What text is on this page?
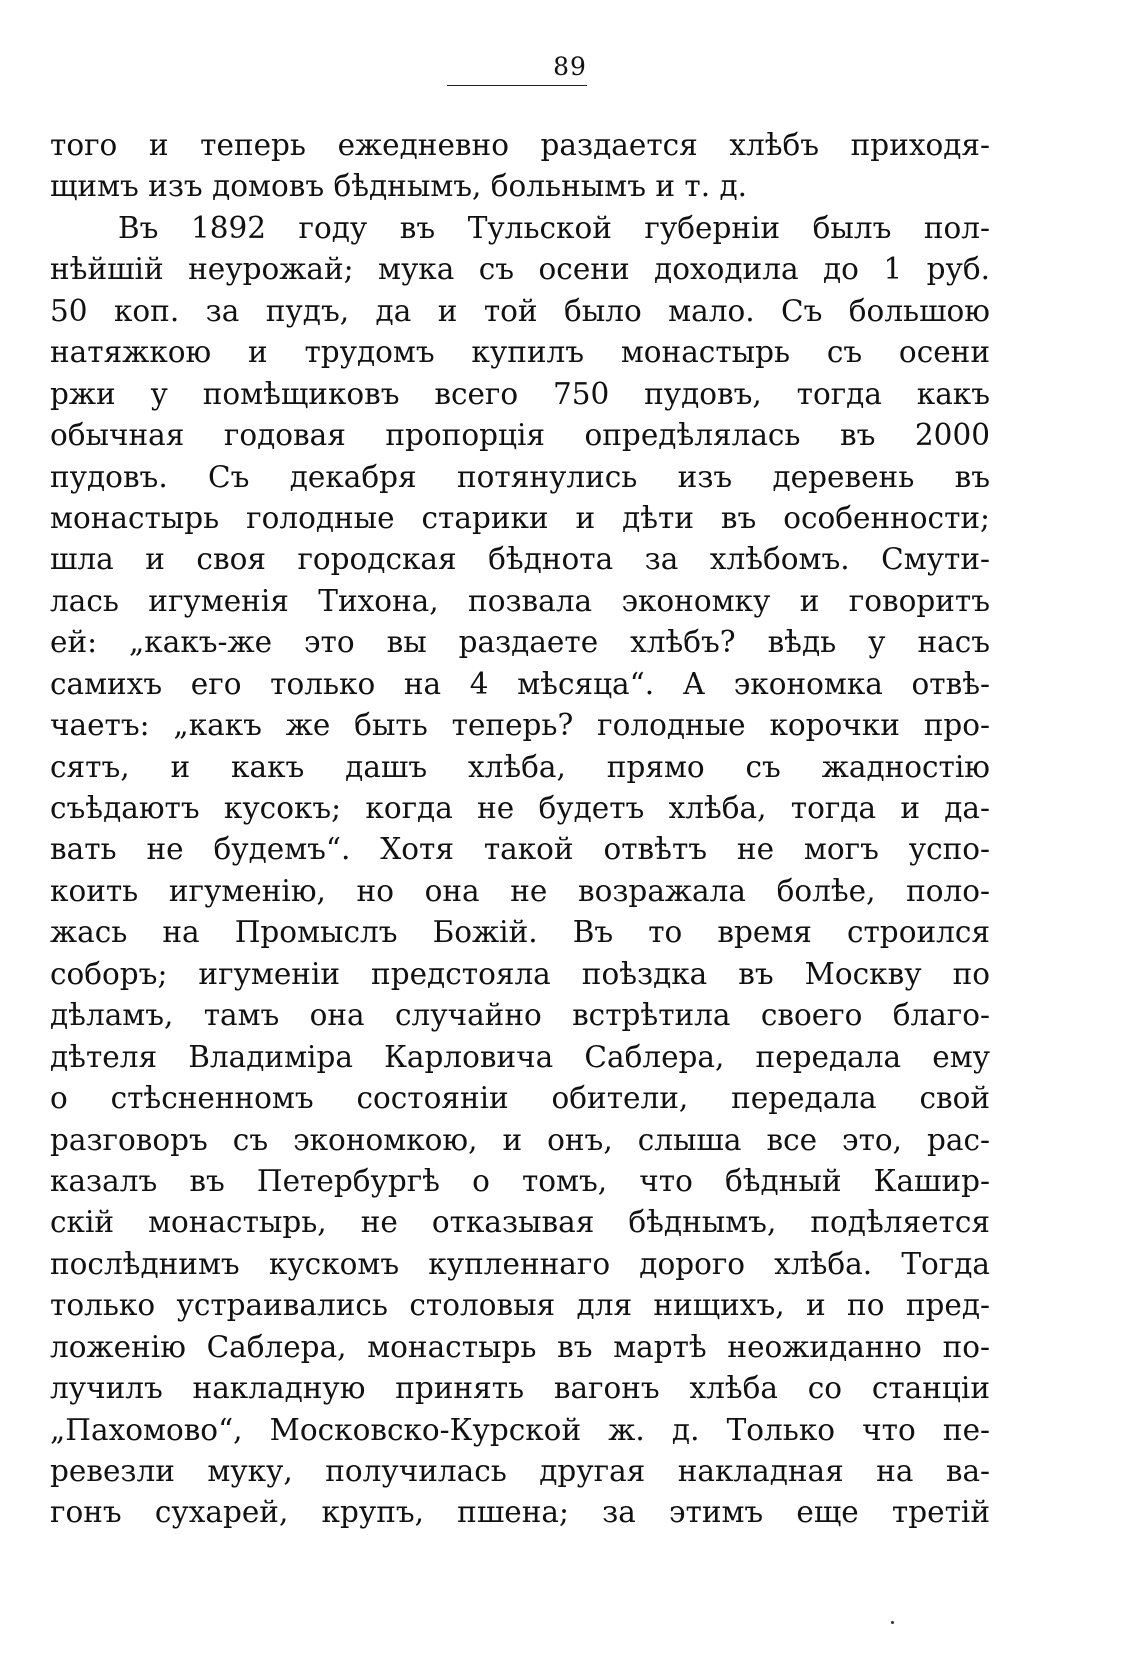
89
того и теперь ежедневно раздается хлѣбъ приходя-
щимъ изъ домовъ бѣднымъ, больнымъ и т. д.
Въ 1892 году въ Тульской губерніи былъ пол-
нѣйшій неурожай; мука съ осени доходила до 1 руб.
50 коп. за пудъ, да и той было мало. Съ большою
натяжкою и трудомъ купилъ монастырь съ осени
ржи у помѣщиковъ всего 750 пудовъ, тогда какъ
обычная годовая пропорція опредѣлялась въ 2000
пудовъ. Съ декабря потянулись изъ деревень въ
монастырь голодные старики и дѣти въ особенности;
шла и своя городская бѣднота за хлѣбомъ. Смути-
лась игуменія Тихона, позвала экономку и говоритъ
ей: „какъ-же это вы раздаете хлѣбъ? вѣдь у насъ
самихъ его только на 4 мѣсяца“. А экономка отвѣ-
чаетъ: „какъ же быть теперь? голодные корочки про-
сятъ, и какъ дашъ хлѣба, прямо съ жадностію
съѣдаютъ кусокъ; когда не будетъ хлѣба, тогда и да-
вать не будемъ“. Хотя такой отвѣтъ не могъ успо-
коить игуменію, но она не возражала болѣе, поло-
жась на Промыслъ Божій. Въ то время строился
соборъ; игуменіи предстояла поѣздка въ Москву по
дѣламъ, тамъ она случайно встрѣтила своего благо-
дѣтеля Владиміра Карловича Саблера, передала ему
о стѣсненномъ состояніи обители, передала свой
разговоръ съ экономкою, и онъ, слыша все это, рас-
казалъ въ Петербургѣ о томъ, что бѣдный Кашир-
скій монастырь, не отказывая бѣднымъ, подѣляется
послѣднимъ кускомъ купленнаго дорого хлѣба. Тогда
только устраивались столовыя для нищихъ, и по пред-
ложенію Саблера, монастырь въ мартѣ неожиданно по-
лучилъ накладную принять вагонъ хлѣба со станціи
„Пахомово“, Московско-Курской ж. д. Только что пе-
ревезли муку, получилась другая накладная на ва-
гонъ сухарей, крупъ, пшена; за этимъ еще третій
